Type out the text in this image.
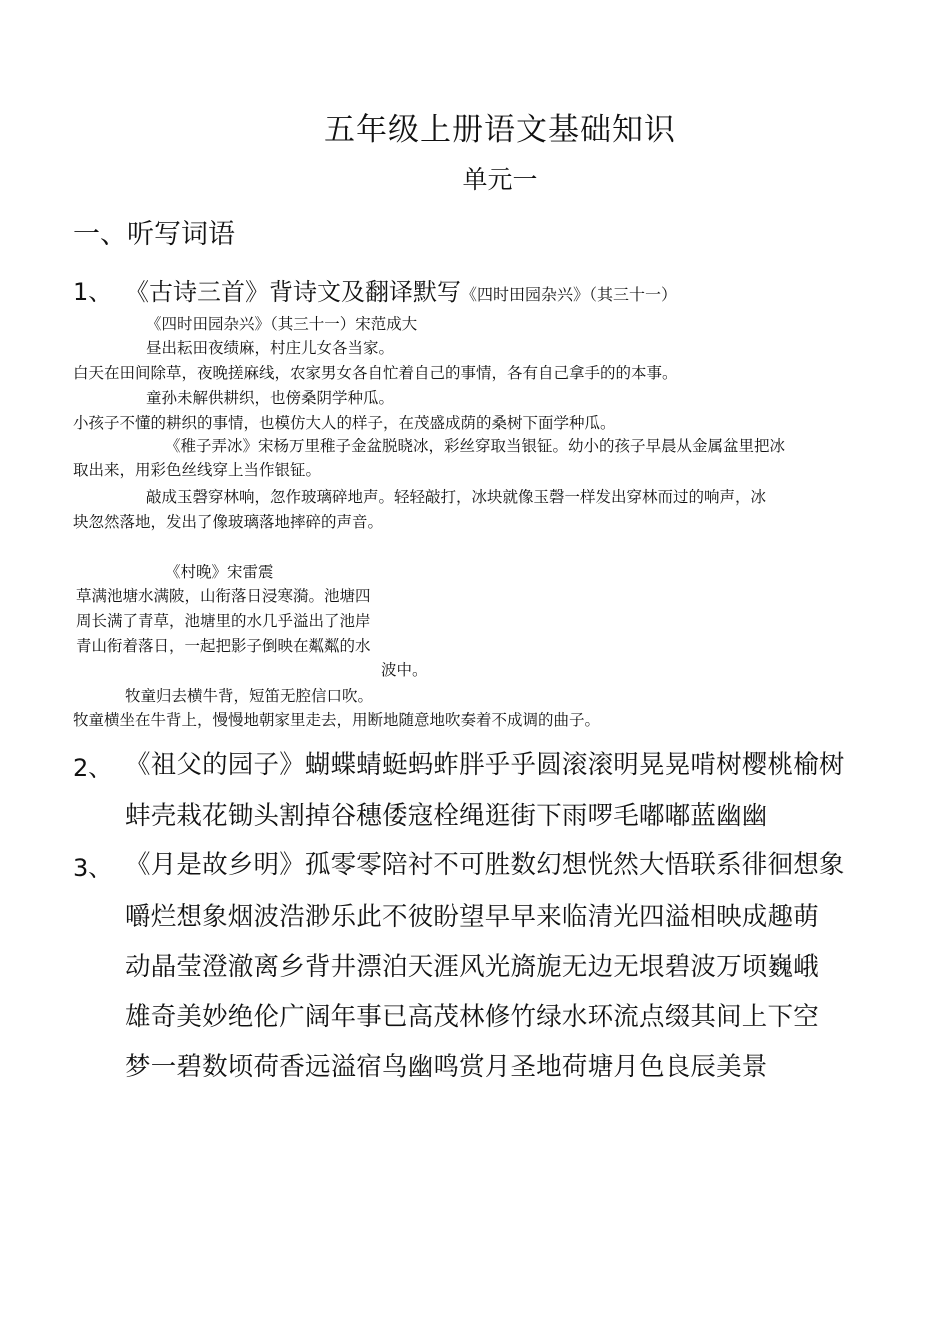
五年级上册语文基础知识
单元一
一、听写词语
1、 《古诗三首》背诗文及翻译默写《四时田园杂兴》（其三十一）
《四时田园杂兴》（其三十一）宋范成大
昼出耘田夜绩麻，村庄儿女各当家。
白天在田间除草，夜晚搓麻线，农家男女各自忙着自己的事情，各有自己拿手的的本事。
童孙未解供耕织，也傍桑阴学种瓜。
小孩子不懂的耕织的事情，也模仿大人的样子，在茂盛成荫的桑树下面学种瓜。
《稚子弄冰》宋杨万里稚子金盆脱晓冰，彩丝穿取当银钲。幼小的孩子早晨从金属盆里把冰
取出来，用彩色丝线穿上当作银钲。
敲成玉磬穿林响，忽作玻璃碎地声。轻轻敲打，冰块就像玉磬一样发出穿林而过的响声，冰
块忽然落地，发出了像玻璃落地摔碎的声音。
《村晚》宋雷震
草满池塘水满陂，山衔落日浸寒漪。池塘四
周长满了青草，池塘里的水几乎溢出了池岸
青山衔着落日，一起把影子倒映在粼粼的水
波中。
牧童归去横牛背，短笛无腔信口吹。
牧童横坐在牛背上，慢慢地朝家里走去，用断地随意地吹奏着不成调的曲子。
2、 《祖父的园子》蝴蝶蜻蜓蚂蚱胖乎乎圆滚滚明晃晃啃树樱桃榆树
蚌壳栽花锄头割掉谷穗倭寇栓绳逛街下雨啰毛嘟嘟蓝幽幽
3、 《月是故乡明》孤零零陪衬不可胜数幻想恍然大悟联系徘徊想象
嚼烂想象烟波浩渺乐此不彼盼望早早来临清光四溢相映成趣萌
动晶莹澄澈离乡背井漂泊天涯风光旖旎无边无垠碧波万顷巍峨
雄奇美妙绝伦广阔年事已高茂林修竹绿水环流点缀其间上下空
梦一碧数顷荷香远溢宿鸟幽鸣赏月圣地荷塘月色良辰美景
